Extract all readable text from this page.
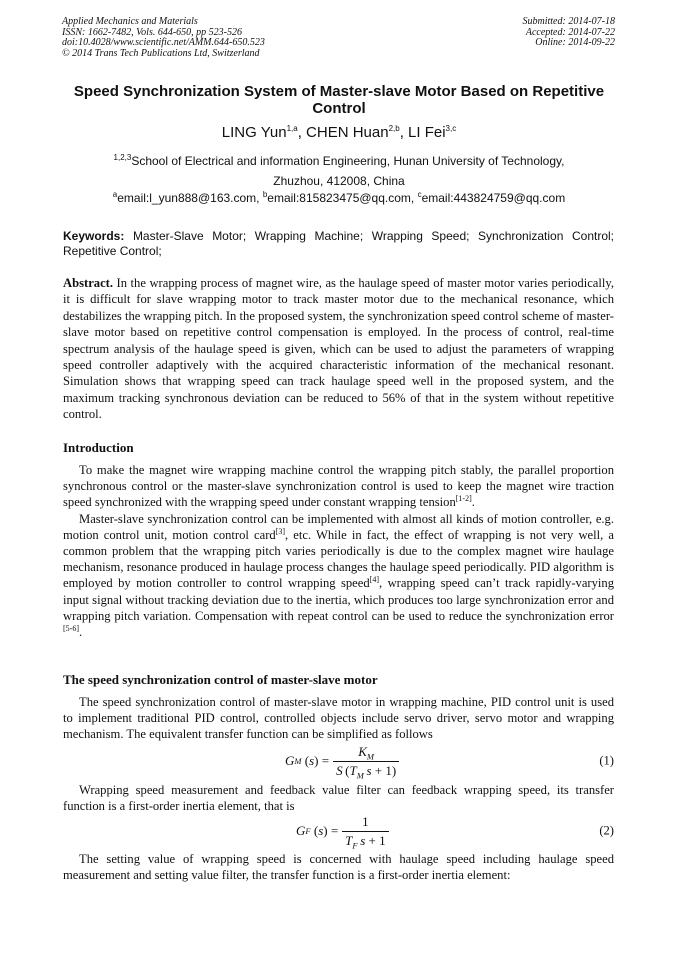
Applied Mechanics and Materials
ISSN: 1662-7482, Vols. 644-650, pp 523-526
doi:10.4028/www.scientific.net/AMM.644-650.523
© 2014 Trans Tech Publications Ltd, Switzerland
Submitted: 2014-07-18
Accepted: 2014-07-22
Online: 2014-09-22
Speed Synchronization System of Master-slave Motor Based on Repetitive Control
LING Yun$^{1,a}$, CHEN Huan$^{2,b}$, LI Fei$^{3,c}$
$^{1,2,3}$School of Electrical and information Engineering, Hunan University of Technology, Zhuzhou, 412008, China
$^a$email:l_yun888@163.com, $^b$email:815823475@qq.com, $^c$email:443824759@qq.com
Keywords: Master-Slave Motor; Wrapping Machine; Wrapping Speed; Synchronization Control; Repetitive Control;
Abstract. In the wrapping process of magnet wire, as the haulage speed of master motor varies periodically, it is difficult for slave wrapping motor to track master motor due to the mechanical resonance, which destabilizes the wrapping pitch. In the proposed system, the synchronization speed control scheme of master-slave motor based on repetitive control compensation is employed. In the process of control, real-time spectrum analysis of the haulage speed is given, which can be used to adjust the parameters of wrapping speed controller adaptively with the acquired characteristic information of the mechanical resonant. Simulation shows that wrapping speed can track haulage speed well in the proposed system, and the maximum tracking synchronous deviation can be reduced to 56% of that in the system without repetitive control.
Introduction

To make the magnet wire wrapping machine control the wrapping pitch stably, the parallel proportion synchronous control or the master-slave synchronization control is used to keep the magnet wire traction speed synchronized with the wrapping speed under constant wrapping tension[1-2].

Master-slave synchronization control can be implemented with almost all kinds of motion controller, e.g. motion control unit, motion control card[3], etc. While in fact, the effect of wrapping is not very well, a common problem that the wrapping pitch varies periodically is due to the complex magnet wire haulage mechanism, resonance produced in haulage process changes the haulage speed periodically. PID algorithm is employed by motion controller to control wrapping speed[4], wrapping speed can’t track rapidly-varying input signal without tracking deviation due to the inertia, which produces too large synchronization error and wrapping pitch variation. Compensation with repeat control can be used to reduce the synchronization error [5-6].

The speed synchronization control of master-slave motor

The speed synchronization control of master-slave motor in wrapping machine, PID control unit is used to implement traditional PID control, controlled objects include servo driver, servo motor and wrapping mechanism. The equivalent transfer function can be simplified as follows

G M ( s ) = $\frac{K_M}{S (T_M s + 1)}$	(1)

Wrapping speed measurement and feedback value filter can feedback wrapping speed, its transfer function is a first-order inertia element, that is

G F ( s ) = $\frac{1}{T_F s + 1}$	(2)

The setting value of wrapping speed is concerned with haulage speed including haulage speed measurement and setting value filter, the transfer function is a first-order inertia element:
